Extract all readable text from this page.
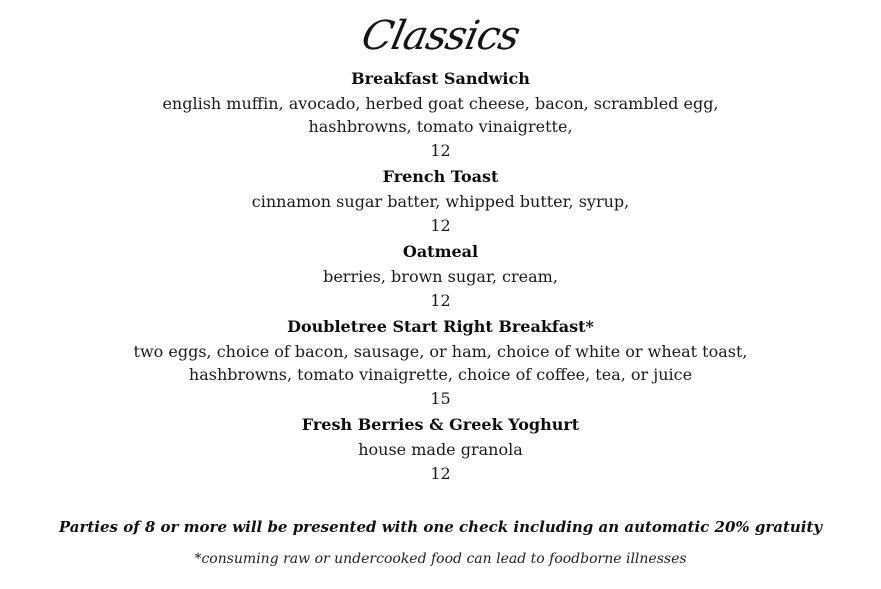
Classics
Breakfast Sandwich
english muffin, avocado, herbed goat cheese, bacon, scrambled egg,
hashbrowns, tomato vinaigrette,
12
French Toast
cinnamon sugar batter, whipped butter, syrup,
12
Oatmeal
berries, brown sugar, cream,
12
Doubletree Start Right Breakfast*
two eggs, choice of bacon, sausage, or ham, choice of white or wheat toast,
hashbrowns, tomato vinaigrette, choice of coffee, tea, or juice
15
Fresh Berries & Greek Yoghurt
house made granola
12
Parties of 8 or more will be presented with one check including an automatic 20% gratuity
*consuming raw or undercooked food can lead to foodborne illnesses
